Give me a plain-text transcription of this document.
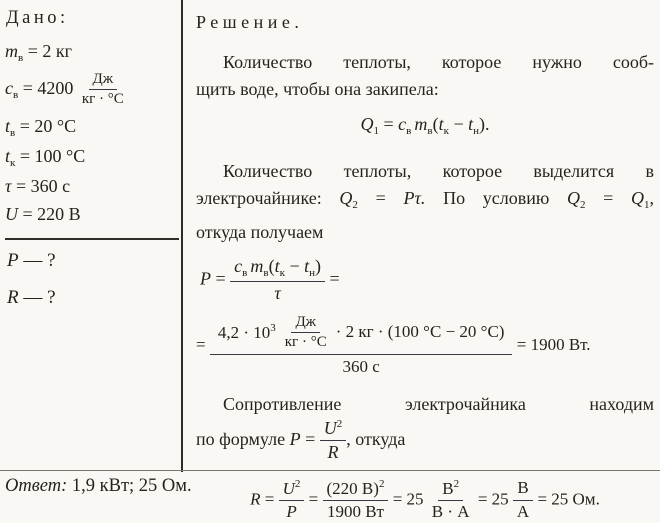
Дано:
$m_в = 2$ кг
$c_в = 4200$ Дж
кг · °С
$t_в = 20$ °С
$t_к = 100$ °С
τ = 360 с
U = 220 В
P — ?
R — ?
Решение.
Количество теплоты, которое нужно сооб-
щить воде, чтобы она закипела:
$Q_1 = c_в$ $m_в(t_к - t_н)$.
Количество теплоты, которое выделится в
электрочайнике: $Q_2 = P\tau$. По условию $Q_2 = Q_1$,
откуда получаем
P =
$c_в$ $m_в(t_к - t_н)$
τ
=
=
$4,2 \cdot 10^3$ Дж
кг · °С
· 2 кг · (100 °С − 20 °С)
360 с
= 1900 Вт.
Сопротивление электрочайника находим
по формуле $P = \frac{U^2}{R}$ , откуда
$R = \frac{U^2}{P}$ =
(220 В)$^2$
1900 Вт
= 25
$В^2$
В · А
= 25
В
А
= 25 Ом.
Ответ: 1,9 кВт; 25 Ом.
